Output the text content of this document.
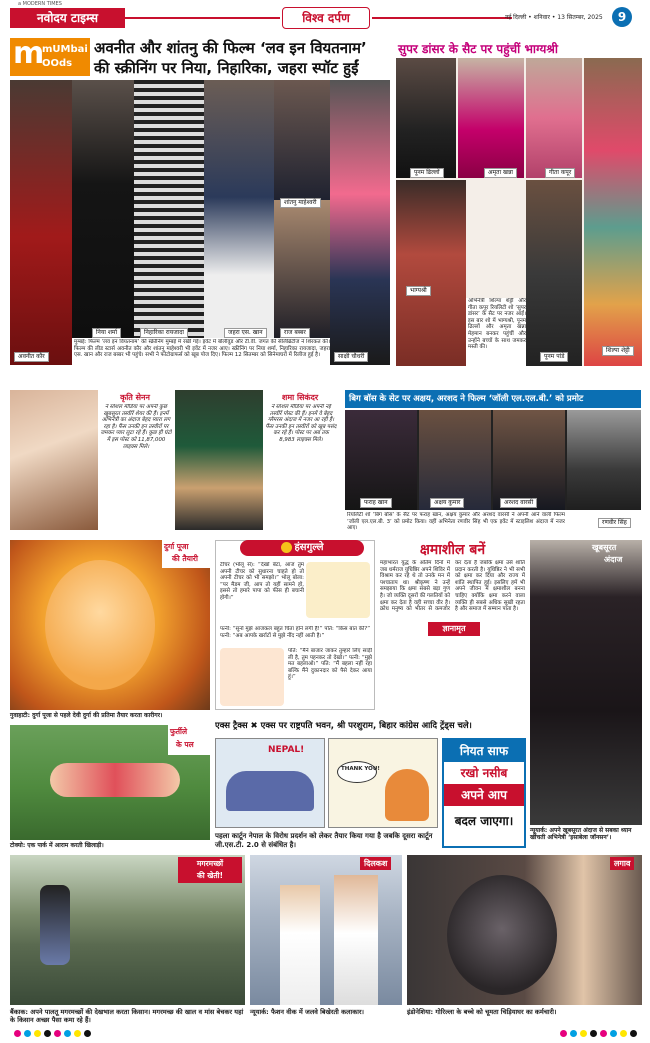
a MODERN TIMES
नवोदय टाइम्स	विश्व दर्पण	नई दिल्ली • शनिवार • 13 सितम्बर, 2025	9
m
mUMbai
OOds
अवनीत और शांतनु की फिल्म ‘लव इन वियतनाम’
की स्क्रीनिंग पर निया, निहारिका, जहरा स्पॉट हुईं
अवनीत कौर
निया शर्मा	निहारिका रायजादा	जहरा एस. खान	राज बब्बर
शांतनु माहेश्वरी
साक्षी चौधरी
मुम्बई: फिल्म ‘लव इन वियतनाम’ की स्क्रीनिंग मुम्बई में रखी गई। इवेंट में बॉलीवुड और टी.वी. जगत की सेलिब्रिटीज ने शिरकत की। फिल्म की लीड स्टार्स अवनीत कौर और शांतनु माहेश्वरी भी इवेंट में नजर आए। स्क्रीनिंग पर निया शर्मा, निहारिका रायजादा, जहरा एस. खान और राज बब्बर भी पहुंचे। सभी ने फोटोग्राफर्स को खूब पोज दिए। फिल्म 12 सितम्बर को सिनेमाघरों में रिलीज हुई है।
सुपर डांसर के सैट पर पहुंचीं भाग्यश्री
पूनम ढिल्लों	अमृता खन्ना
भाग्यश्री
गीता कपूर
शिल्पा शेट्टी
पूनम पांडे
अभिनेत्री शिल्पा शेट्टी और गीता कपूर रियलिटी शो ‘सुपर डांसर’ के सैट पर नजर आईं। इस बार शो में भाग्यश्री, पूनम ढिल्लों और अमृता खन्ना मेहमान बनकर पहुंचीं और उन्होंने बच्चों के साथ जमकर मस्ती की।
कृति सेनन
ने सोशल मीडिया पर अपनी कुछ खूबसूरत तस्वीरें शेयर की हैं। इनमें अभिनेत्री का अंदाज बेहद प्यारा लग रहा है। फैंस उनकी इन तस्वीरों पर जमकर प्यार लुटा रहे हैं। कुछ ही घंटों में इस पोस्ट को 11,87,000 लाइक्स मिले।
शमा सिकंदर
ने सोशल मीडिया पर अपनी नई तस्वीरें पोस्ट की हैं। इनमें वे बेहद ग्लैमरस अंदाज में नजर आ रही हैं। फैंस उनकी इन तस्वीरों को खूब पसंद कर रहे हैं। पोस्ट पर अब तक 8,983 लाइक्स मिले।
बिग बॉस के सेट पर अक्षय, अरशद ने फिल्म ‘जॉली एल.एल.बी.’ को प्रमोट
फराह खान	अक्षय कुमार	अरशद वारसी
रणवीर सिंह
रियलिटी शो ‘बिग बॉस’ के सैट पर फराह खान, अक्षय कुमार और अरशद वारसी ने अपनी आने वाली फिल्म ‘जॉली एल.एल.बी. 3’ को प्रमोट किया। वहीं अभिनेता रणवीर सिंह भी एक इवेंट में स्टाइलिश अंदाज में नजर आए।
दुर्गा पूजा
की तैयारी
गुवाहाटी: दुर्गा पूजा से पहले देवी दुर्गा की प्रतिमा तैयार करता कारीगर।
हंसगुल्ले
टीचर (भोलू से): “देखो बेटा, आज तुम अपनी टीचर को सुधारना चाहते हो तो अपनी टीचर को भी समझो।” भोलू बोला: “पर मैडम जी, आप तो यहीं सामने हो, इससे तो हमारे पापा को फीस ही बचानी होगी।”
पत्नी: “सुनो मुझे आजकल बहुत चिंता होने लगी है!” पति: “किस बात की?” पत्नी: “अब आपके खर्राटों से मुझे नींद नहीं आती है।”
पति: “मैंने बाजार जाकर तुम्हारे लिए साड़ी ली है, तुम पहनकर तो देखो।” पत्नी: “मुझे मत बहलाओ।” पति: “मैं बहला नहीं रहा बल्कि मैंने दुकानदार को पैसे देकर आया हूं।”
क्षमाशील बनें
ज्ञानामृत
महाभारत युद्ध के अंतिम दिनों में जब धर्मराज युधिष्ठिर अपने शिविर में विश्राम कर रहे थे तो उनके मन में पश्चाताप था। श्रीकृष्ण ने उन्हें समझाया कि क्षमा सबसे बड़ा गुण है। जो व्यक्ति दूसरों की गलतियों को क्षमा कर देता है वही सच्चा वीर है। क्रोध मनुष्य को भीतर से कमजोर कर देता है जबकि क्षमा उसे शांति प्रदान करती है। युधिष्ठिर ने भी सभी को क्षमा कर दिया और राज्य में शांति स्थापित हुई। इसलिए हमें भी अपने जीवन में क्षमाशील बनना चाहिए क्योंकि क्षमा करने वाला व्यक्ति ही सबसे अधिक सुखी रहता है और समाज में सम्मान पाता है।
खूबसूरत
अंदाज
न्यूयार्क: अपने खूबसूरत अंदाज से सबका ध्यान खींचती अभिनेत्री ‘इसाबेला जॉनसन’।
फुर्तीले
के पल
टोक्यो: एक पार्क में आराम करती खिलाड़ी।
एक्स ट्रैक्स ✖ एक्स पर राष्ट्रपति भवन, श्री परशुराम, बिहार कांग्रेस आदि ट्रेंड्स चले।
NEPAL!
THANK YOU!
नियत साफ
रखो नसीब
अपने आप
बदल जाएगा।
पहला कार्टून नेपाल के विरोध प्रदर्शन को लेकर तैयार किया गया है जबकि दूसरा कार्टून जी.एस.टी. 2.0 से संबंधित है।
मगरमच्छों
की खेती!
बैंकाक: अपने पालतू मगरमच्छों की देखभाल करता किसान। मगरमच्छ की खाल व मांस बेचकर यहां के किसान अच्छा पैसा कमा रहे हैं।
दिलकश
न्यूयार्क: फैशन वीक में जलवे बिखेरती कलाकार।
लगाव
इंडोनेशिया: गोरिल्ला के बच्चे को चूमता चिड़ियाघर का कर्मचारी।
